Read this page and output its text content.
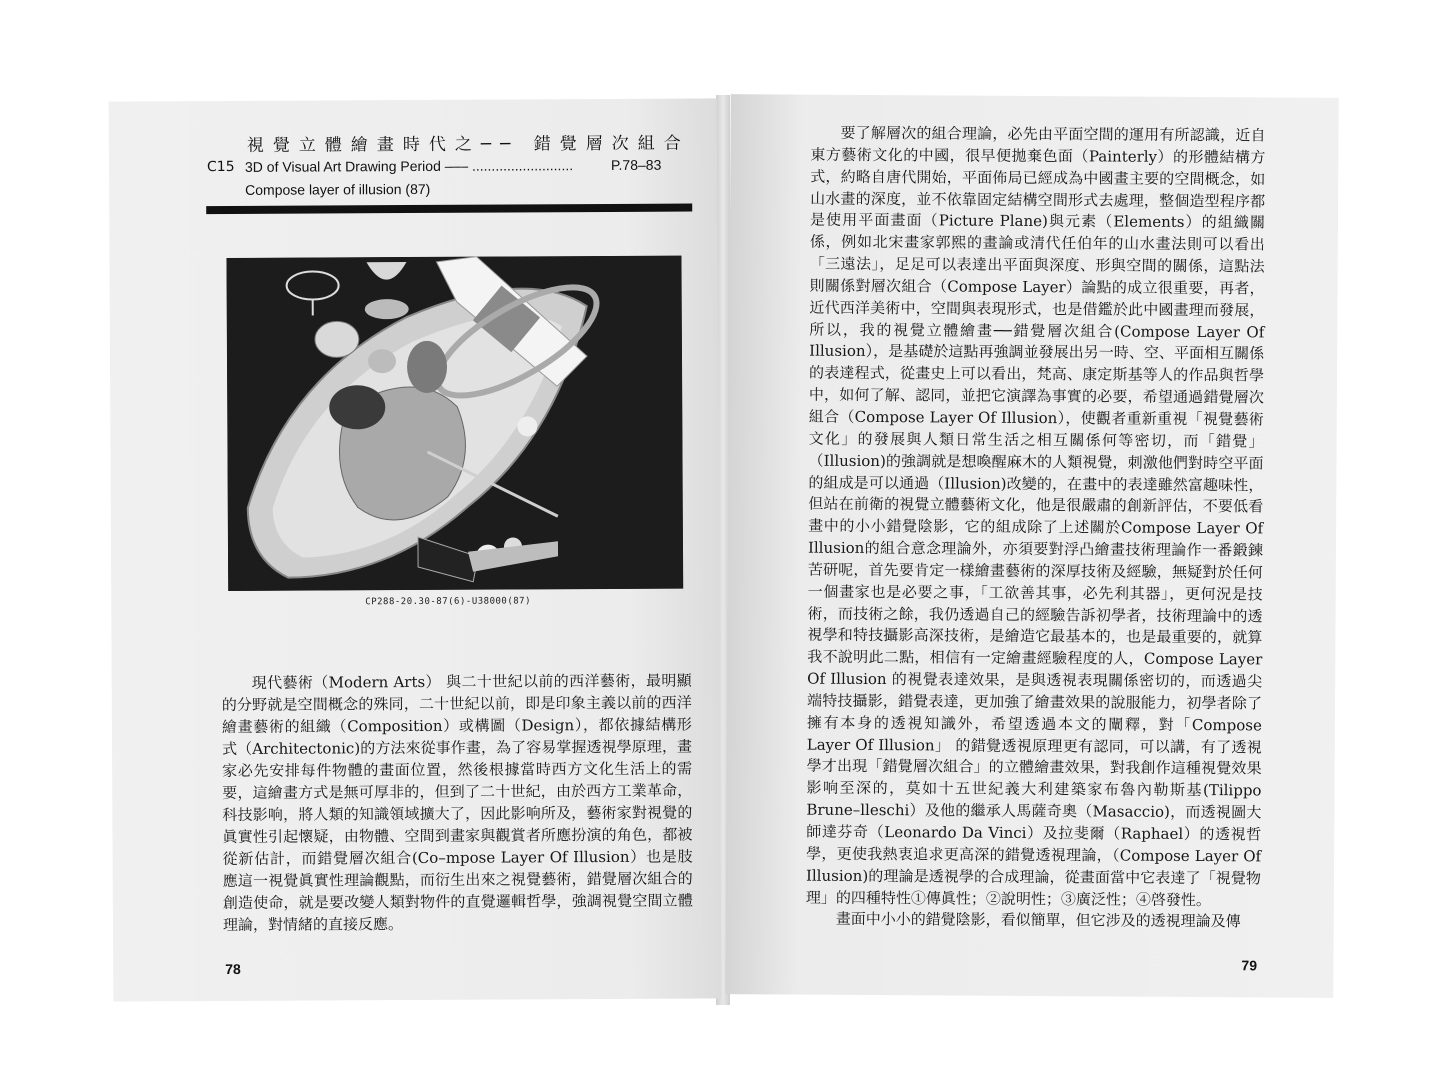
視覺立體繪畫時代之── 錯覺層次組合
C15 3D of Visual Art Drawing Period ––– ..........................	P.78–83
Compose layer of illusion (87)
CP288-20.30-87(6)-U38000(87)

現代藝術（Modern Arts） 與二十世紀以前的西洋藝術，最明顯的分野就是空間概念的殊同，二十世紀以前，即是印象主義以前的西洋繪畫藝術的組織（Composition）或構圖（Design），都依據結構形式（Architectonic)的方法來從事作畫，為了容易掌握透視學原理，畫家必先安排每件物體的畫面位置，然後根據當時西方文化生活上的需要，這繪畫方式是無可厚非的，但到了二十世紀，由於西方工業革命，科技影响，將人類的知識領域擴大了，因此影响所及，藝術家對視覺的眞實性引起懷疑，由物體、空間到畫家與觀賞者所應扮演的角色，都被從新估計，而錯覺層次組合(Co–mpose Layer Of Illusion）也是肢應這一視覺眞實性理論觀點，而衍生出來之視覺藝術，錯覺層次組合的創造使命，就是要改變人類對物件的直覺邏輯哲學，強調視覺空間立體理論，對情緒的直接反應。

78

要了解層次的組合理論，必先由平面空間的運用有所認識，近自東方藝術文化的中國，很早便拋棄色面（Painterly）的形體結構方式，約略自唐代開始，平面佈局已經成為中國畫主要的空間概念，如山水畫的深度，並不依靠固定結構空間形式去處理，整個造型程序都是使用平面畫面（Picture Plane)與元素（Elements）的組織關係，例如北宋畫家郭熙的畫論或清代任伯年的山水畫法則可以看出「三遠法」，足足可以表達出平面與深度、形與空間的關係，這點法則關係對層次組合（Compose Layer）論點的成立很重要，再者，近代西洋美術中，空間與表現形式，也是借鑑於此中國畫理而發展，所以，我的視覺立體繪畫──錯覺層次組合(Compose Layer Of Illusion），是基礎於這點再強調並發展出另一時、空、平面相互關係的表達程式，從畫史上可以看出，梵高、康定斯基等人的作品與哲學中，如何了解、認同，並把它演譯為事實的必要，希望通過錯覺層次組合（Compose Layer Of Illusion），使觀者重新重視「視覺藝術文化」的發展與人類日常生活之相互關係何等密切，而「錯覺」（Illusion)的強調就是想喚醒麻木的人類視覺，刺激他們對時空平面的組成是可以通過（Illusion)改變的，在畫中的表達雖然富趣味性，但站在前衛的視覺立體藝術文化，他是很嚴肅的創新評估，不要低看畫中的小小錯覺陰影，它的組成除了上述關於Compose Layer Of Illusion的組合意念理論外，亦須要對浮凸繪畫技術理論作一番鍛鍊苦研呢，首先要肯定一樣繪畫藝術的深厚技術及經驗，無疑對於任何一個畫家也是必要之事，「工欲善其事，必先利其器」，更何況是技術，而技術之餘，我仍透過自己的經驗告訴初學者，技術理論中的透視學和特技攝影高深技術，是繪造它最基本的，也是最重要的，就算我不說明此二點，相信有一定繪畫經驗程度的人，Compose Layer Of Illusion 的視覺表達效果，是與透視表現關係密切的，而透過尖端特技攝影，錯覺表達，更加強了繪畫效果的說服能力，初學者除了擁有本身的透視知識外，希望透過本文的闡釋，對「Compose Layer Of Illusion」 的錯覺透視原理更有認同，可以講，有了透視學才出現「錯覺層次組合」的立體繪畫效果，對我創作這種視覺效果影响至深的，莫如十五世紀義大利建築家布魯內勒斯基(Tilippo Brune–lleschi）及他的繼承人馬薩奇奧（Masaccio)，而透視圖大師達芬奇（Leonardo Da Vinci）及拉斐爾（Raphael）的透視哲學，更使我熱衷追求更高深的錯覺透視理論，（Compose Layer Of Illusion)的理論是透視學的合成理論，從畫面當中它表達了「視覺物理」的四種特性①傳眞性；②說明性；③廣泛性；④啓發性。

畫面中小小的錯覺陰影，看似簡單，但它涉及的透視理論及傳

79
